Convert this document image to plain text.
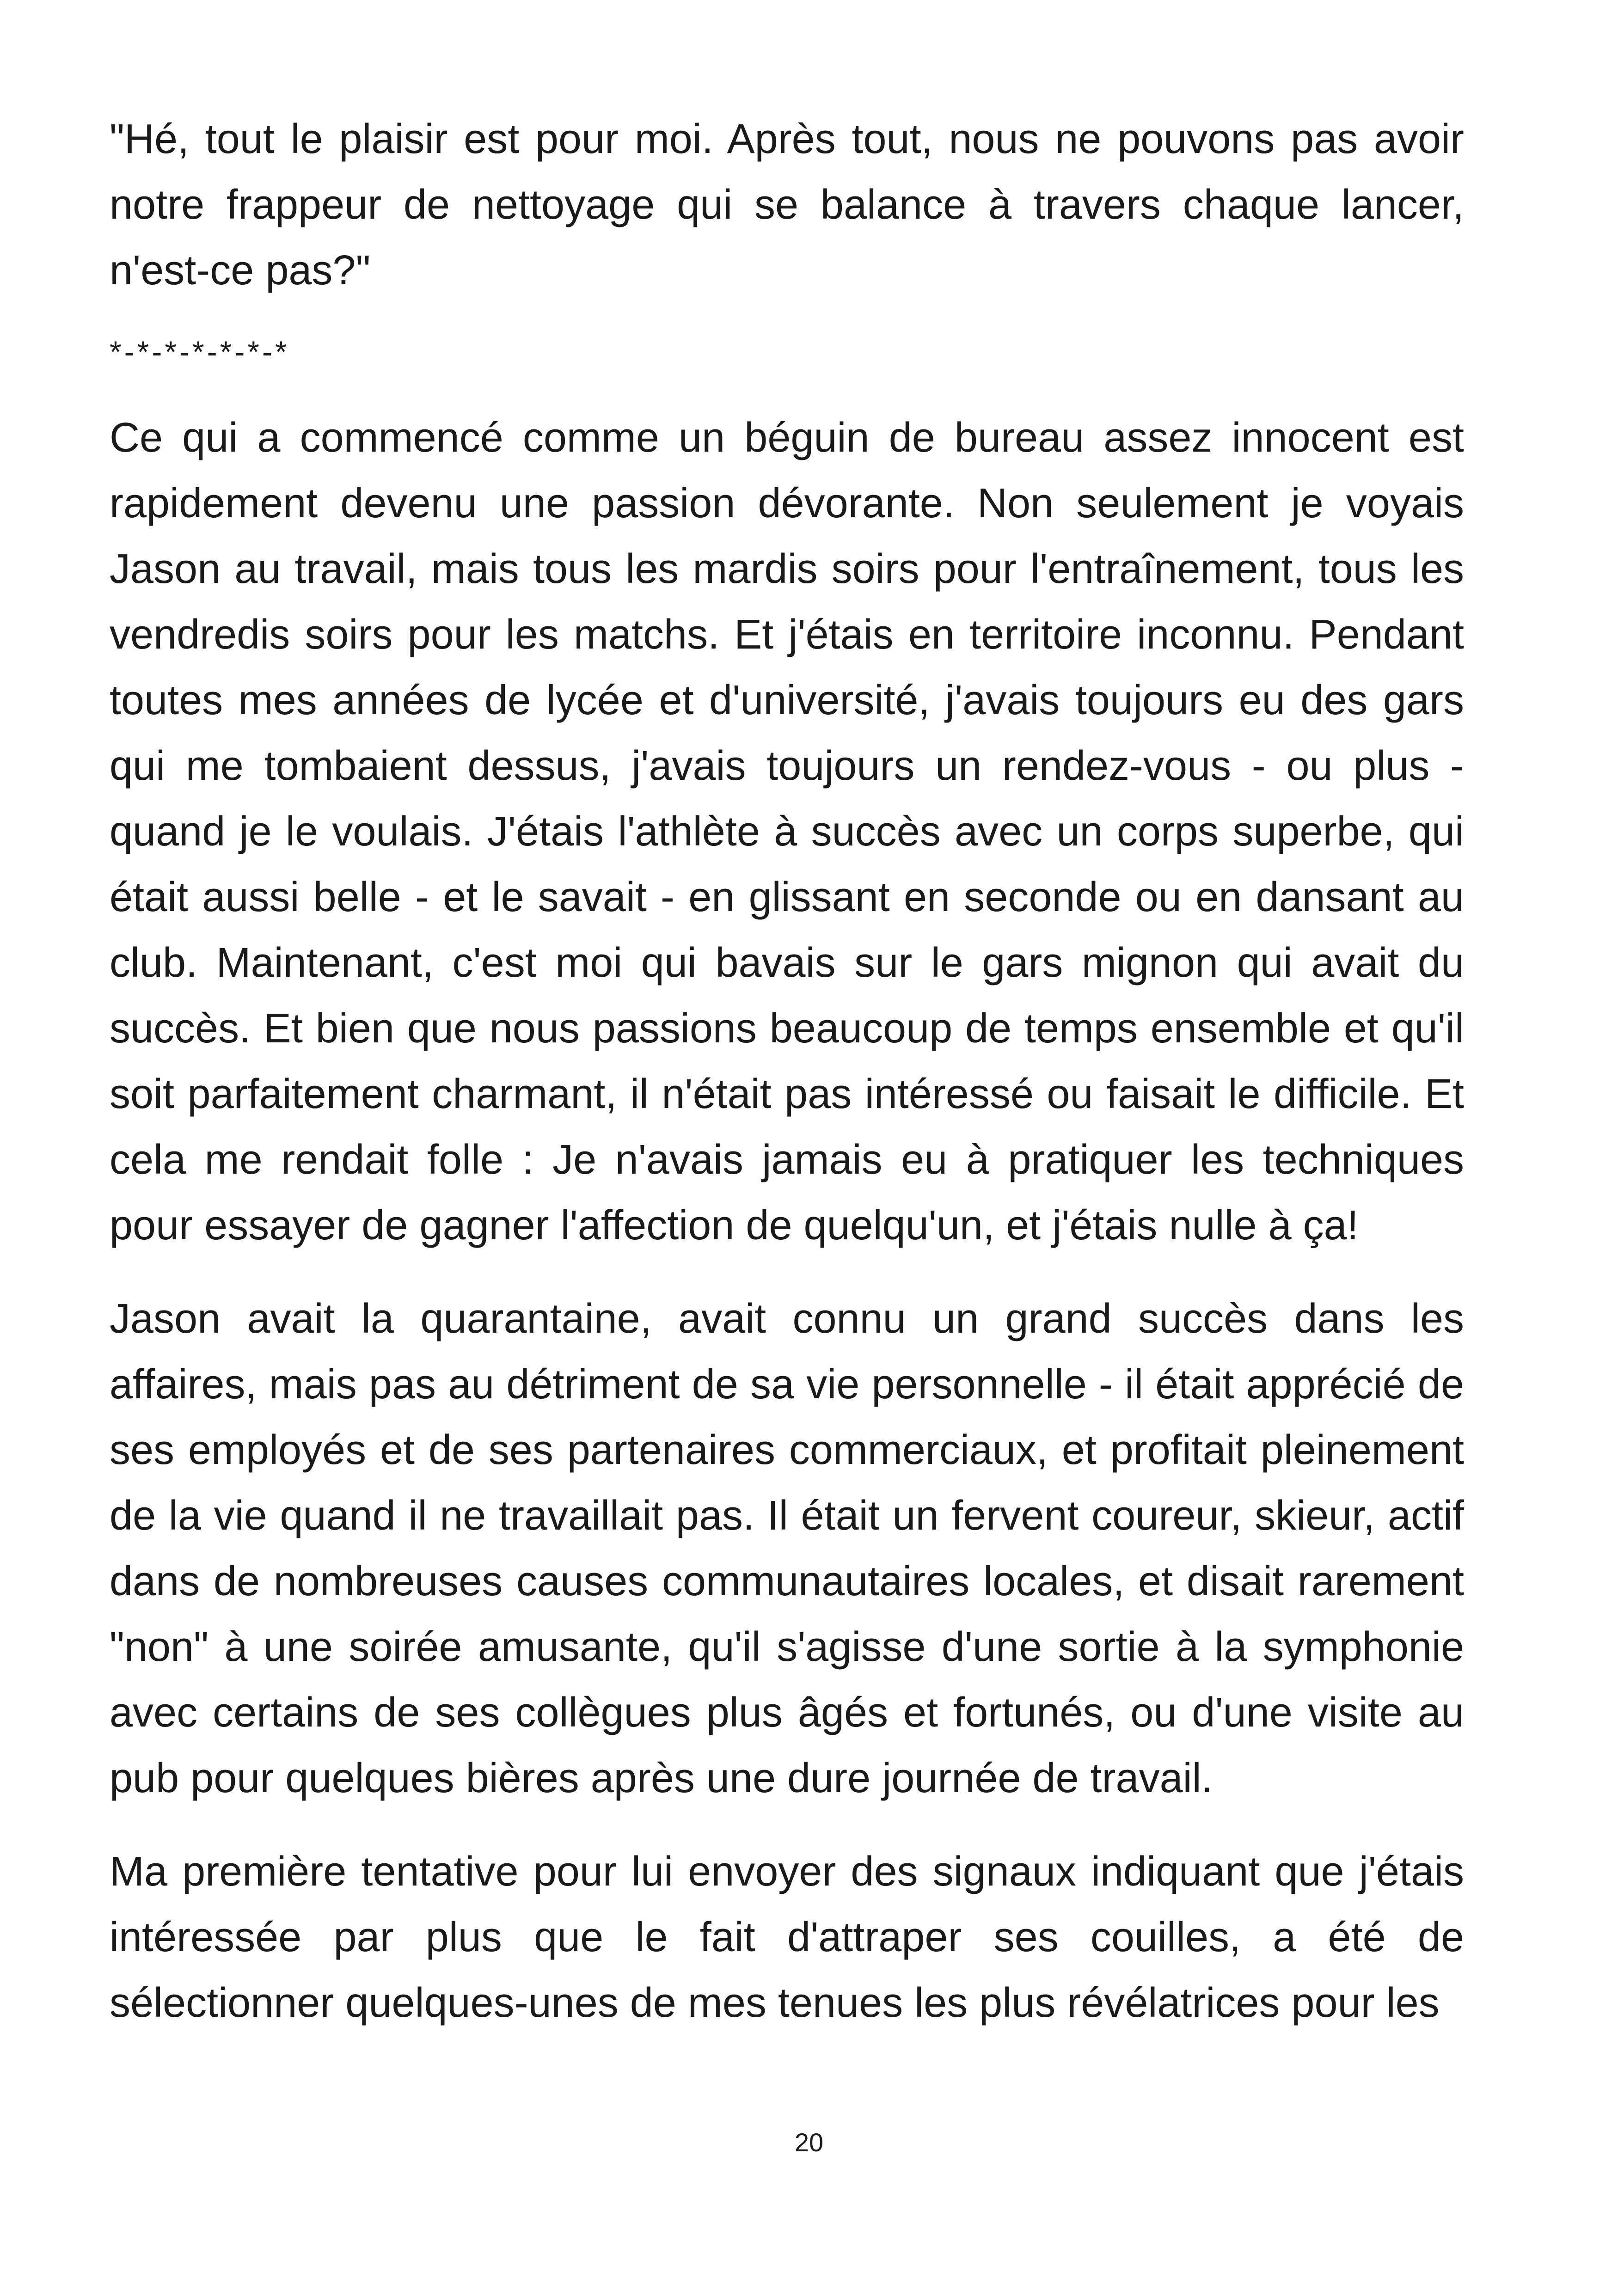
"Hé, tout le plaisir est pour moi. Après tout, nous ne pouvons pas avoir notre frappeur de nettoyage qui se balance à travers chaque lancer, n'est-ce pas?"

*-*-*-*-*-*-*

Ce qui a commencé comme un béguin de bureau assez innocent est rapidement devenu une passion dévorante. Non seulement je voyais Jason au travail, mais tous les mardis soirs pour l'entraînement, tous les vendredis soirs pour les matchs. Et j'étais en territoire inconnu. Pendant toutes mes années de lycée et d'université, j'avais toujours eu des gars qui me tombaient dessus, j'avais toujours un rendez-vous - ou plus - quand je le voulais. J'étais l'athlète à succès avec un corps superbe, qui était aussi belle - et le savait - en glissant en seconde ou en dansant au club. Maintenant, c'est moi qui bavais sur le gars mignon qui avait du succès. Et bien que nous passions beaucoup de temps ensemble et qu'il soit parfaitement charmant, il n'était pas intéressé ou faisait le difficile. Et cela me rendait folle : Je n'avais jamais eu à pratiquer les techniques pour essayer de gagner l'affection de quelqu'un, et j'étais nulle à ça!

Jason avait la quarantaine, avait connu un grand succès dans les affaires, mais pas au détriment de sa vie personnelle - il était apprécié de ses employés et de ses partenaires commerciaux, et profitait pleinement de la vie quand il ne travaillait pas. Il était un fervent coureur, skieur, actif dans de nombreuses causes communautaires locales, et disait rarement "non" à une soirée amusante, qu'il s'agisse d'une sortie à la symphonie avec certains de ses collègues plus âgés et fortunés, ou d'une visite au pub pour quelques bières après une dure journée de travail.

Ma première tentative pour lui envoyer des signaux indiquant que j'étais intéressée par plus que le fait d'attraper ses couilles, a été de sélectionner quelques-unes de mes tenues les plus révélatrices pour les

20
